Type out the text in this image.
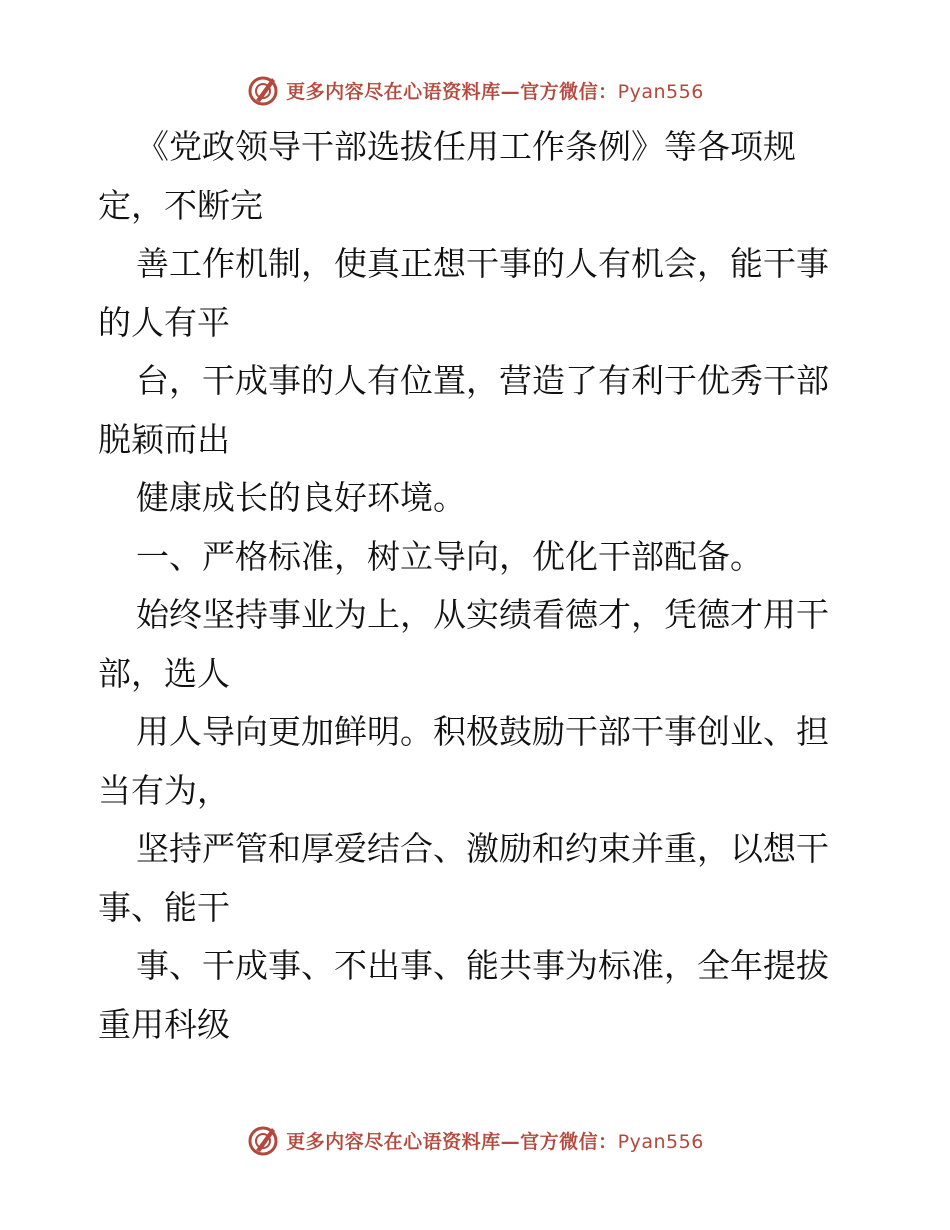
更多内容尽在心语资料库—官方微信：Pyan556
《党政领导干部选拔任用工作条例》等各项规
定，不断完
善工作机制，使真正想干事的人有机会，能干事
的人有平
台，干成事的人有位置，营造了有利于优秀干部
脱颖而出
健康成长的良好环境。
一、严格标准，树立导向，优化干部配备。
始终坚持事业为上，从实绩看德才，凭德才用干
部，选人
用人导向更加鲜明。积极鼓励干部干事创业、担
当有为，
坚持严管和厚爱结合、激励和约束并重，以想干
事、能干
事、干成事、不出事、能共事为标准，全年提拔
重用科级
更多内容尽在心语资料库—官方微信：Pyan556
